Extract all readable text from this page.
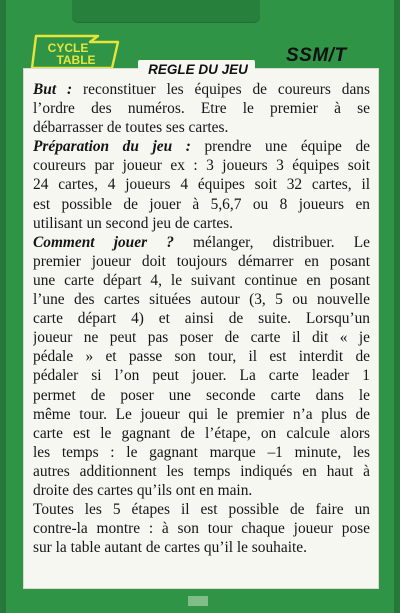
CYCLE
TABLE	SSM/T
REGLE DU JEU
But : reconstituer les équipes de coureurs dans
l’ordre des numéros. Etre le premier à se
débarrasser de toutes ses cartes.
Préparation du jeu : prendre une équipe de
coureurs par joueur ex : 3 joueurs 3 équipes soit
24 cartes, 4 joueurs 4 équipes soit 32 cartes, il
est possible de jouer à 5,6,7 ou 8 joueurs en
utilisant un second jeu de cartes.
Comment jouer ? mélanger, distribuer. Le
premier joueur doit toujours démarrer en posant
une carte départ 4, le suivant continue en posant
l’une des cartes situées autour (3, 5 ou nouvelle
carte départ 4) et ainsi de suite. Lorsqu’un
joueur ne peut pas poser de carte il dit « je
pédale » et passe son tour, il est interdit de
pédaler si l’on peut jouer. La carte leader 1
permet de poser une seconde carte dans le
même tour. Le joueur qui le premier n’a plus de
carte est le gagnant de l’étape, on calcule alors
les temps : le gagnant marque –1 minute, les
autres additionnent les temps indiqués en haut à
droite des cartes qu’ils ont en main.
Toutes les 5 étapes il est possible de faire un
contre-la montre : à son tour chaque joueur pose
sur la table autant de cartes qu’il le souhaite.
